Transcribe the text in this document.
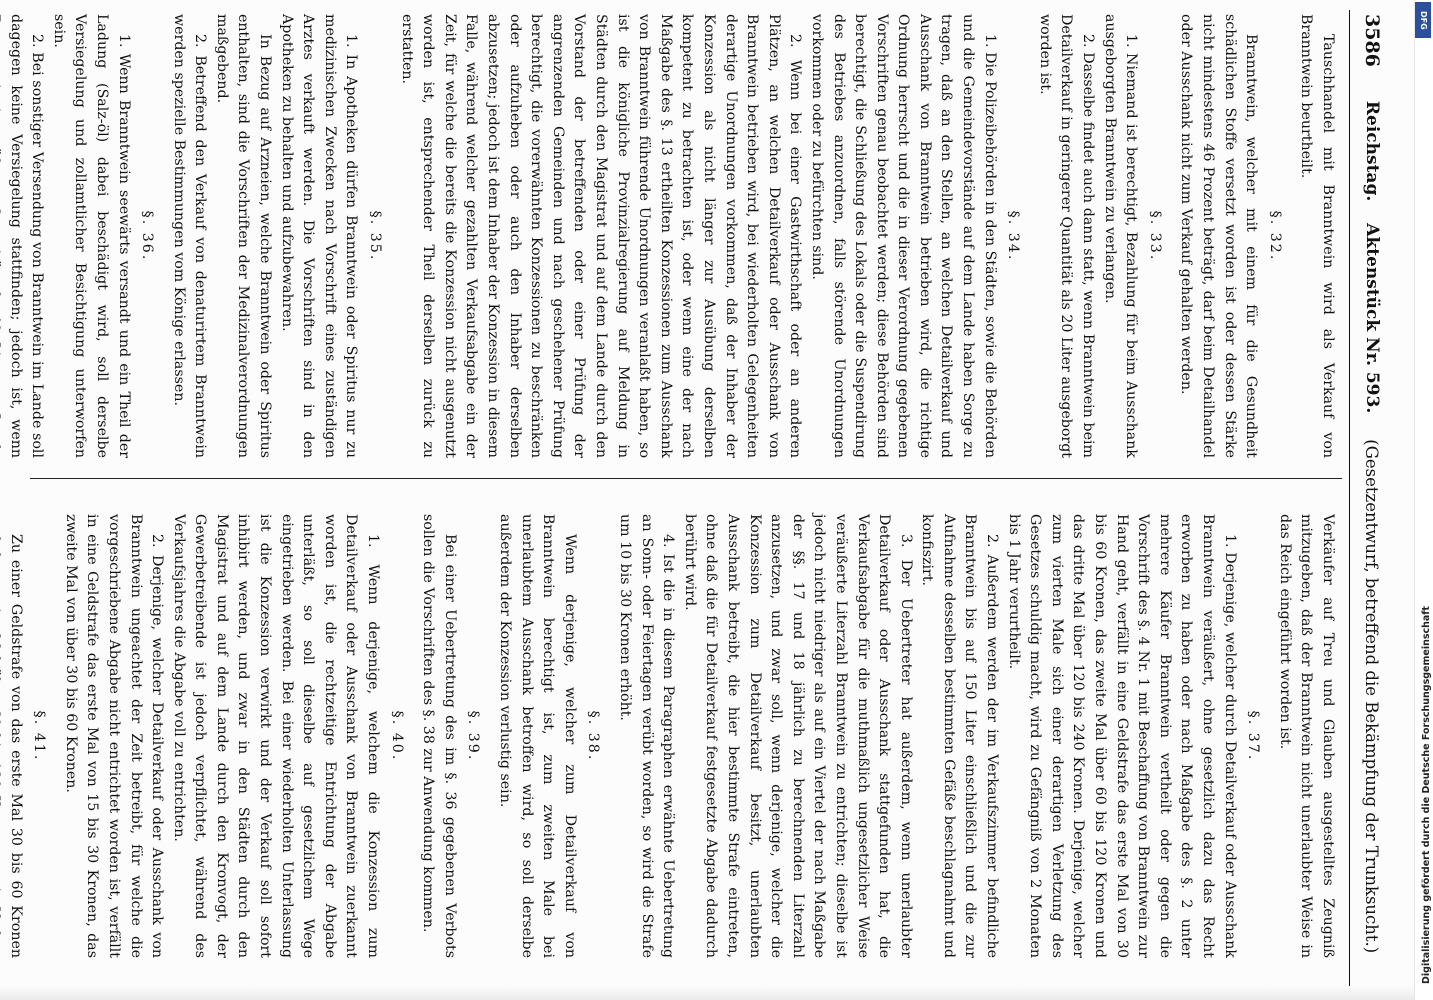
3586
Reichstag.
Aktenstück Nr. 593.
(Gesetzentwurf, betreffend die Bekämpfung der Trunksucht.)

Tauschhandel mit Branntwein wird als Verkauf von Branntwein beurtheilt.

§. 32.

Branntwein, welcher mit einem für die Gesundheit schädlichen Stoffe versetzt worden ist oder dessen Stärke nicht mindestens 46 Prozent beträgt, darf beim Detailhandel oder Ausschank nicht zum Verkauf gehalten werden.

§. 33.

1. Niemand ist berechtigt, Bezahlung für beim Ausschank ausgeborgten Branntwein zu verlangen.

2. Dasselbe findet auch dann statt, wenn Branntwein beim Detailverkauf in geringerer Quantität als 20 Liter ausgeborgt worden ist.

§. 34.

1. Die Polizeibehörden in den Städten, sowie die Behörden und die Gemeindevorstände auf dem Lande haben Sorge zu tragen, daß an den Stellen, an welchen Detailverkauf und Ausschank von Branntwein betrieben wird, die richtige Ordnung herrscht und die in dieser Verordnung gegebenen Vorschriften genau beobachtet werden; diese Behörden sind berechtigt, die Schließung des Lokals oder die Suspendirung des Betriebes anzuordnen, falls störende Unordnungen vorkommen oder zu befürchten sind.

2. Wenn bei einer Gastwirthschaft oder an anderen Plätzen, an welchen Detailverkauf oder Ausschank von Branntwein betrieben wird, bei wiederholten Gelegenheiten derartige Unordnungen vorkommen, daß der Inhaber der Konzession als nicht länger zur Ausübung derselben kompetent zu betrachten ist, oder wenn eine der nach Maßgabe des §. 13 ertheilten Konzessionen zum Ausschank von Branntwein führende Unordnungen veranlaßt haben, so ist die königliche Provinzialregierung auf Meldung in Städten durch den Magistrat und auf dem Lande durch den Vorstand der betreffenden oder einer Prüfung der angrenzenden Gemeinden und nach geschehener Prüfung berechtigt, die vorerwähnten Konzessionen zu beschränken oder aufzuheben oder auch den Inhaber derselben abzusetzen; jedoch ist dem Inhaber der Konzession in diesem Falle, während welcher gezahlten Verkaufsabgabe ein der Zeit, für welche die bereits die Konzession nicht ausgenutzt worden ist, entsprechender Theil derselben zurück zu erstatten.

§. 35.

1. In Apotheken dürfen Branntwein oder Spiritus nur zu medizinischen Zwecken nach Vorschrift eines zuständigen Arztes verkauft werden. Die Vorschriften sind in den Apotheken zu behalten und aufzubewahren.

In Bezug auf Arzneien, welche Branntwein oder Spiritus enthalten, sind die Vorschriften der Medizinalverordnungen maßgebend.

2. Betreffend den Verkauf von denaturirtem Branntwein werden spezielle Bestimmungen vom Könige erlassen.

§. 36.

1. Wenn Branntwein seewärts versandt und ein Theil der Ladung (Salz-öl) dabei beschädigt wird, soll derselbe Versiegelung und zollamtlicher Besichtigung unterworfen sein.

2. Bei sonstiger Versendung von Branntwein im Lande soll dagegen keine Versiegelung stattfinden; jedoch ist, wenn

Verkäufer auf Treu und Glauben ausgestelltes Zeugniß mitzugeben, daß der Branntwein nicht unerlaubter Weise in das Reich eingeführt worden ist.

§. 37.

1. Derjenige, welcher durch Detailverkauf oder Ausschank Branntwein veräußert, ohne gesetzlich dazu das Recht erworben zu haben oder nach Maßgabe des §. 2 unter mehrere Käufer Branntwein vertheilt oder gegen die Vorschrift des §. 4 Nr. 1 mit Beschaffung von Branntwein zur Hand geht, verfällt in eine Geldstrafe das erste Mal von 30 bis 60 Kronen, das zweite Mal über 60 bis 120 Kronen und das dritte Mal über 120 bis 240 Kronen. Derjenige, welcher zum vierten Male sich einer derartigen Verletzung des Gesetzes schuldig macht, wird zu Gefängniß von 2 Monaten bis 1 Jahr verurtheilt.

2. Außerdem werden der im Verkaufszimmer befindliche Branntwein bis auf 150 Liter einschließlich und die zur Aufnahme desselben bestimmten Gefäße beschlagnahmt und konfiszirt.

3. Der Uebertreter hat außerdem, wenn unerlaubter Detailverkauf oder Ausschank stattgefunden hat, die Verkaufsabgabe für die muthmaßlich ungesetzlicher Weise veräußerte Literzahl Branntwein zu entrichten; dieselbe ist jedoch nicht niedriger als auf ein Viertel der nach Maßgabe der §§. 17 und 18 jährlich zu berechnenden Literzahl anzusetzen, und zwar soll, wenn derjenige, welcher die Konzession zum Detailverkauf besitzt, unerlaubten Ausschank betreibt, die hier bestimmte Strafe eintreten, ohne daß die für Detailverkauf festgesetzte Abgabe dadurch berührt wird.

4. Ist die in diesem Paragraphen erwähnte Uebertretung an Sonn- oder Feiertagen verübt worden, so wird die Strafe um 10 bis 30 Kronen erhöht.

§. 38.

Wenn derjenige, welcher zum Detailverkauf von Branntwein berechtigt ist, zum zweiten Male bei unerlaubtem Ausschank betroffen wird, so soll derselbe außerdem der Konzession verlustig sein.

§. 39.

Bei einer Uebertretung des im §. 36 gegebenen Verbots sollen die Vorschriften des §. 38 zur Anwendung kommen.

§. 40.

1. Wenn derjenige, welchem die Konzession zum Detailverkauf oder Ausschank von Branntwein zuerkannt worden ist, die rechtzeitige Entrichtung der Abgabe unterläßt, so soll dieselbe auf gesetzlichem Wege eingetrieben werden. Bei einer wiederholten Unterlassung ist die Konzession verwirkt und der Verkauf soll sofort inhibirt werden, und zwar in den Städten durch den Magistrat und auf dem Lande durch den Kronvogt, der Gewerbetreibende ist jedoch verpflichtet, während des Verkaufsjahres die Abgabe voll zu entrichten.

2. Derjenige, welcher Detailverkauf oder Ausschank von Branntwein ungeachtet der Zeit betreibt, für welche die vorgeschriebene Abgabe nicht entrichtet worden ist, verfällt in eine Geldstrafe das erste Mal von 15 bis 30 Kronen, das zweite Mal von über 30 bis 60 Kronen.

§. 41.

Zu einer Geldstrafe von das erste Mal 30 bis 60 Kronen

DFG
Digitalisierung gefördert durch die Deutsche Forschungsgemeinschaft
